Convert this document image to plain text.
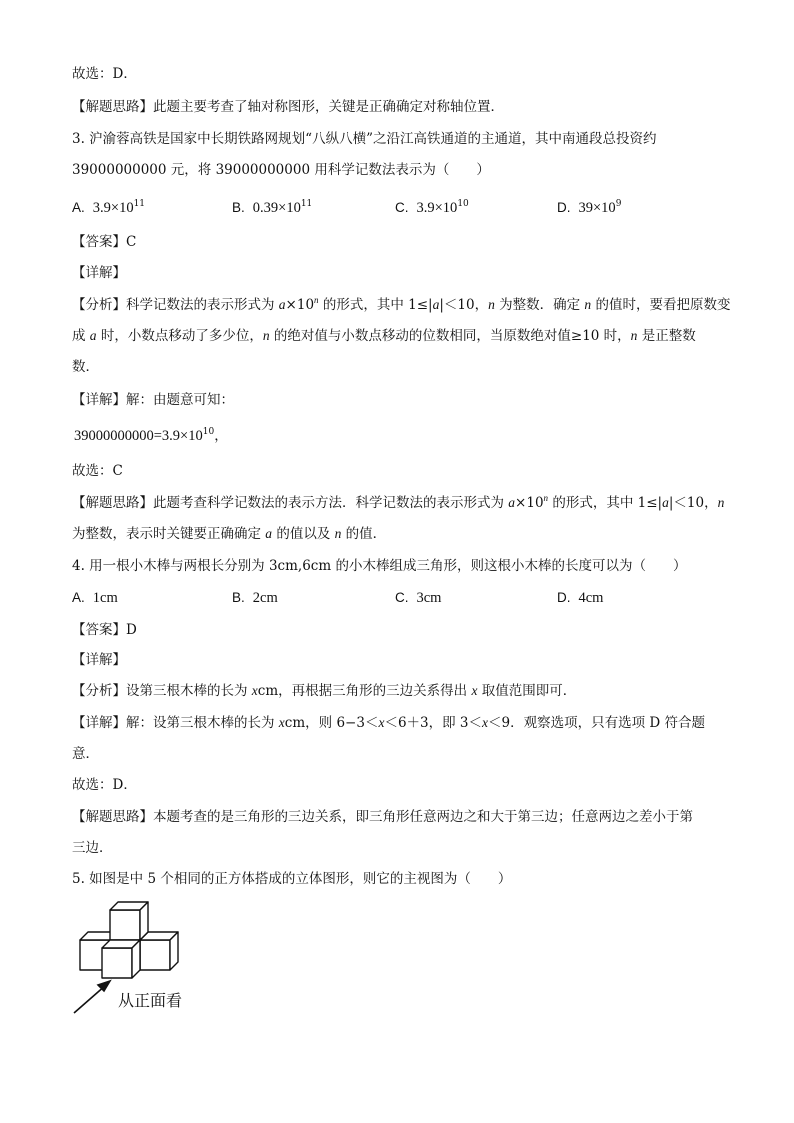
故选：D．
【解题思路】此题主要考查了轴对称图形，关键是正确确定对称轴位置．
3. 沪渝蓉高铁是国家中长期铁路网规划“八纵八横”之沿江高铁通道的主通道，其中南通段总投资约
39000000000 元，将 39000000000 用科学记数法表示为（　　）
A. $3.9\times 10^{11}$	B. $0.39\times 10^{11}$	C. $3.9\times 10^{10}$	D. $39\times 10^9$
【答案】C
【详解】
【分析】科学记数法的表示形式为 $a\times 10^n$ 的形式，其中 1≤|a|＜10，n 为整数．确定 n 的值时，要看把原数变
成 a 时，小数点移动了多少位，n 的绝对值与小数点移动的位数相同，当原数绝对值≥10 时，n 是正整数
数．
【详解】解：由题意可知：
$39000000000=3.9\times 10^{10}$，
故选：C
【解题思路】此题考查科学记数法的表示方法．科学记数法的表示形式为 $a\times 10^n$ 的形式，其中 1≤|a|＜10，n
为整数，表示时关键要正确确定 a 的值以及 n 的值．
4. 用一根小木棒与两根长分别为 3cm,6cm 的小木棒组成三角形，则这根小木棒的长度可以为（　　）
A. 1cm	B. 2cm	C. 3cm	D. 4cm
【答案】D
【详解】
【分析】设第三根木棒的长为 xcm，再根据三角形的三边关系得出 x 取值范围即可．
【详解】解：设第三根木棒的长为 xcm，则 6−3＜x＜6＋3，即 3＜x＜9．观察选项，只有选项 D 符合题
意．
故选：D．
【解题思路】本题考查的是三角形的三边关系，即三角形任意两边之和大于第三边；任意两边之差小于第
三边．
5. 如图是中 5 个相同的正方体搭成的立体图形，则它的主视图为（　　）
从正面看
